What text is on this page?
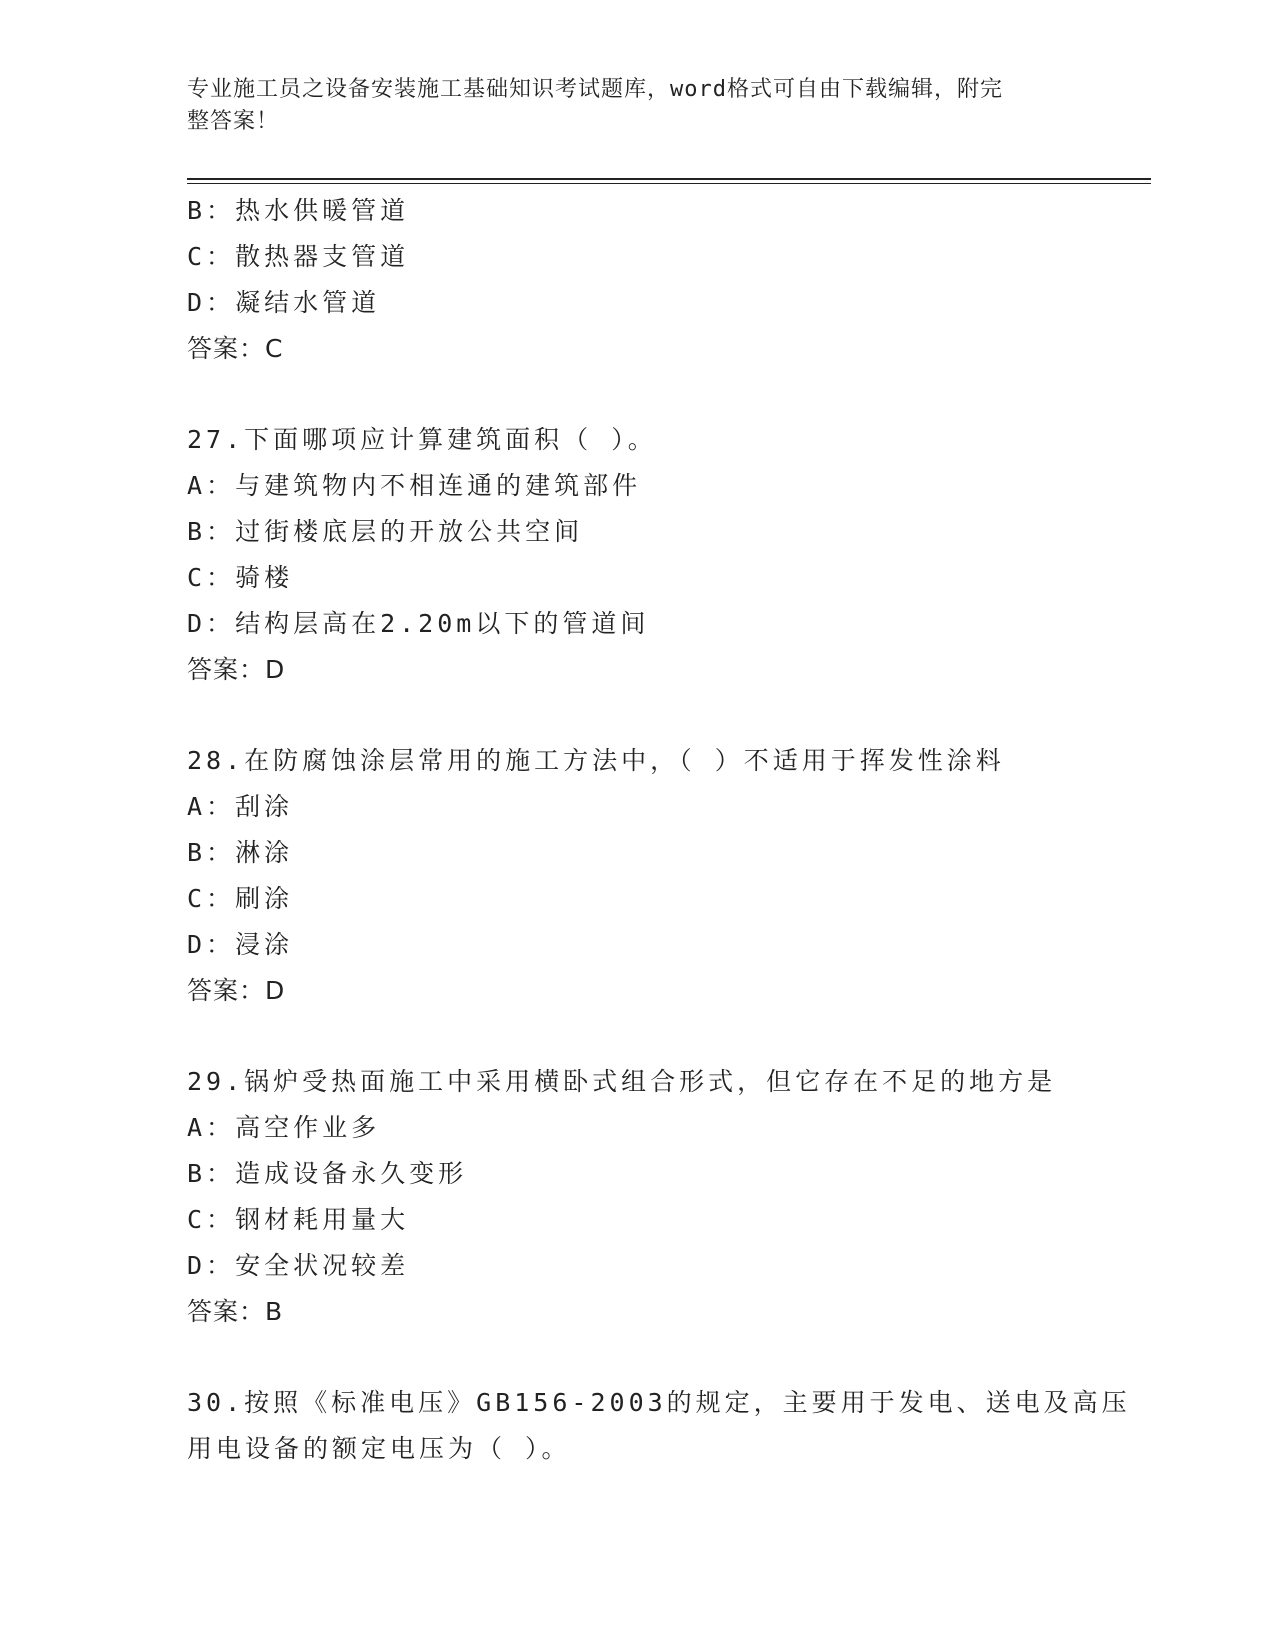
专业施工员之设备安装施工基础知识考试题库，word格式可自由下载编辑，附完
整答案！
B：热水供暖管道
C：散热器支管道
D：凝结水管道
答案：C
27.下面哪项应计算建筑面积（ ）。
A：与建筑物内不相连通的建筑部件
B：过街楼底层的开放公共空间
C：骑楼
D：结构层高在2.20m以下的管道间
答案：D
28.在防腐蚀涂层常用的施工方法中，（ ）不适用于挥发性涂料
A：刮涂
B：淋涂
C：刷涂
D：浸涂
答案：D
29.锅炉受热面施工中采用横卧式组合形式，但它存在不足的地方是
A：高空作业多
B：造成设备永久变形
C：钢材耗用量大
D：安全状况较差
答案：B
30.按照《标准电压》GB156-2003的规定，主要用于发电、送电及高压
用电设备的额定电压为（ ）。
